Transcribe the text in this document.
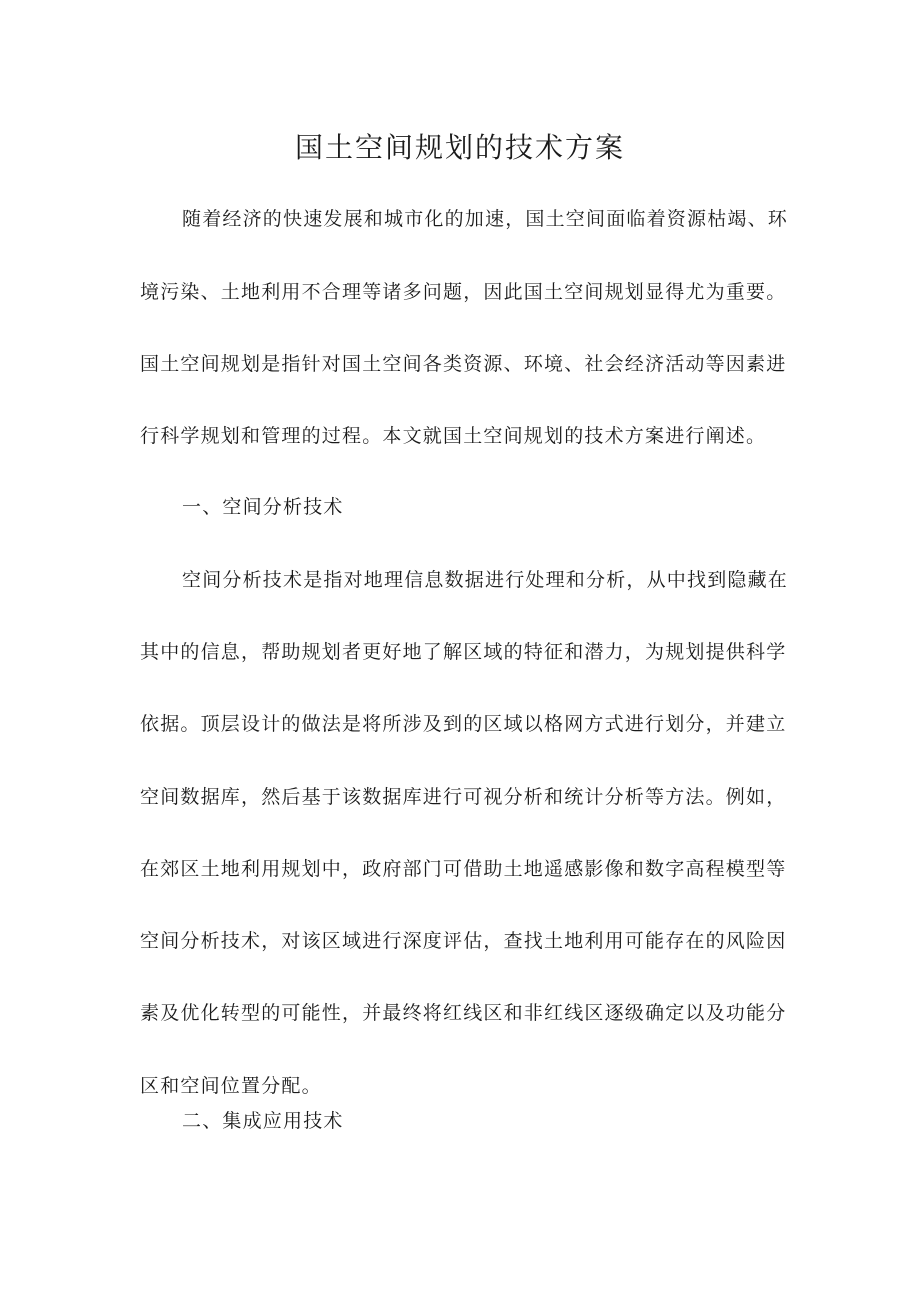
国土空间规划的技术方案
随着经济的快速发展和城市化的加速，国土空间面临着资源枯竭、环
境污染、土地利用不合理等诸多问题，因此国土空间规划显得尤为重要。
国土空间规划是指针对国土空间各类资源、环境、社会经济活动等因素进
行科学规划和管理的过程。本文就国土空间规划的技术方案进行阐述。
一、空间分析技术
空间分析技术是指对地理信息数据进行处理和分析，从中找到隐藏在
其中的信息，帮助规划者更好地了解区域的特征和潜力，为规划提供科学
依据。顶层设计的做法是将所涉及到的区域以格网方式进行划分，并建立
空间数据库，然后基于该数据库进行可视分析和统计分析等方法。例如，
在郊区土地利用规划中，政府部门可借助土地遥感影像和数字高程模型等
空间分析技术，对该区域进行深度评估，查找土地利用可能存在的风险因
素及优化转型的可能性，并最终将红线区和非红线区逐级确定以及功能分
区和空间位置分配。
二、集成应用技术
